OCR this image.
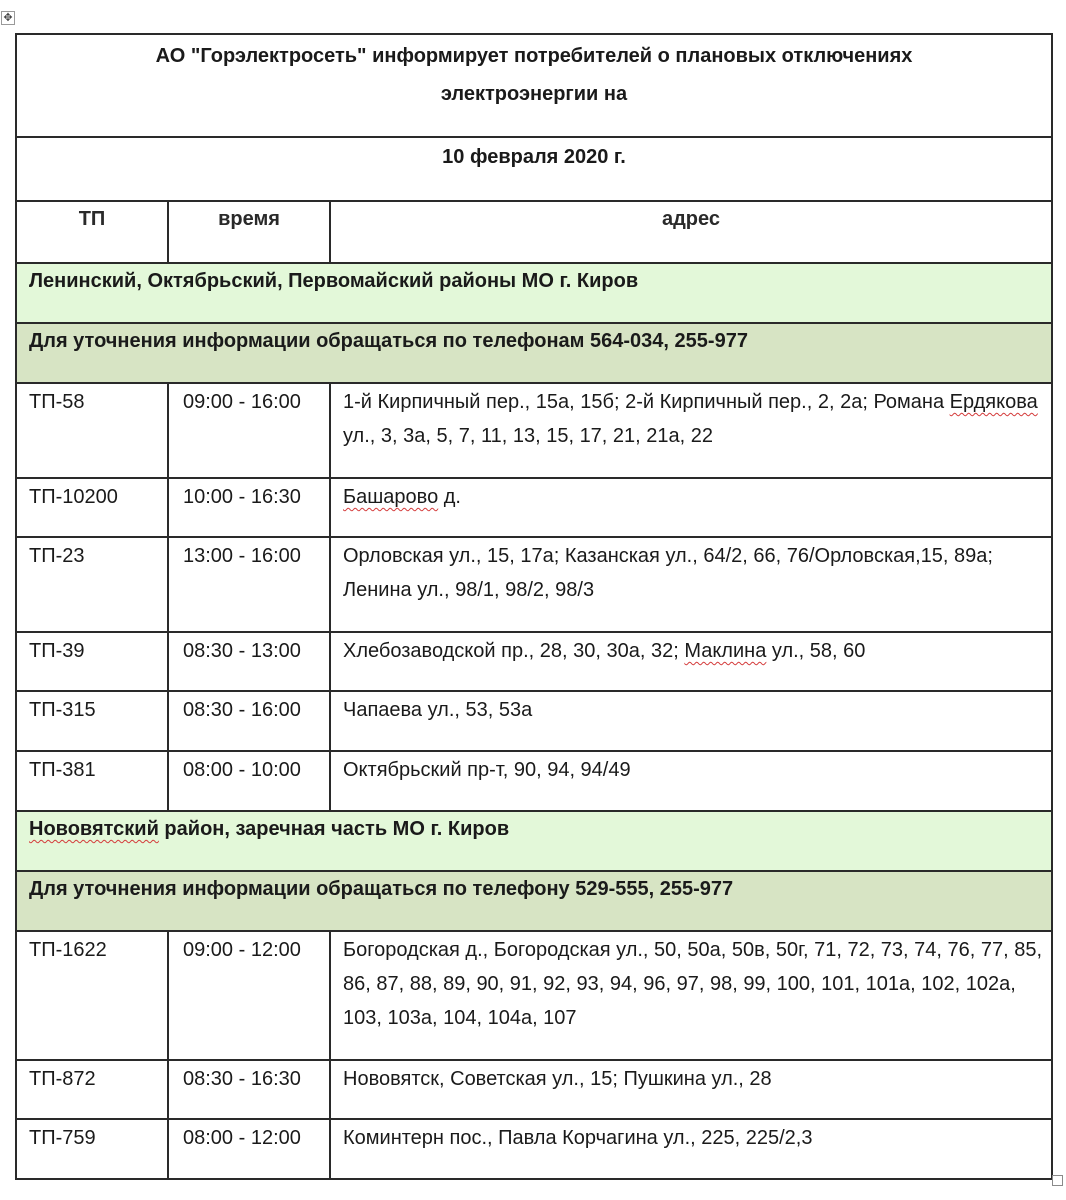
✥
АО "Горэлектросеть" информирует потребителей о плановых отключениях
электроэнергии на		

10 февраля 2020 г.		

ТП	время	адрес

Ленинский, Октябрьский, Первомайский районы МО г. Киров		
Для уточнения информации обращаться по телефонам 564-034, 255-977		
ТП-58	09:00 - 16:00	1-й Кирпичный пер., 15а, 15б; 2-й Кирпичный пер., 2, 2а; Романа Ердякова ул., 3, 3а, 5, 7, 11, 13, 15, 17, 21, 21а, 22
ТП-10200	10:00 - 16:30	Башарово д.
ТП-23	13:00 - 16:00	Орловская ул., 15, 17а; Казанская ул., 64/2, 66, 76/Орловская,15, 89а; Ленина ул., 98/1, 98/2, 98/3
ТП-39	08:30 - 13:00	Хлебозаводской пр., 28, 30, 30а, 32; Маклина ул., 58, 60
ТП-315	08:30 - 16:00	Чапаева ул., 53, 53а
ТП-381	08:00 - 10:00	Октябрьский пр-т, 90, 94, 94/49
Нововятский район, заречная часть МО г. Киров		
Для уточнения информации обращаться по телефону 529-555, 255-977		
ТП-1622	09:00 - 12:00	Богородская д., Богородская ул., 50, 50а, 50в, 50г, 71, 72, 73, 74, 76, 77, 85, 86, 87, 88, 89, 90, 91, 92, 93, 94, 96, 97, 98, 99, 100, 101, 101а, 102, 102а, 103, 103а, 104, 104а, 107
ТП-872	08:30 - 16:30	Нововятск, Советская ул., 15; Пушкина ул., 28
ТП-759	08:00 - 12:00	Коминтерн пос., Павла Корчагина ул., 225, 225/2,3
